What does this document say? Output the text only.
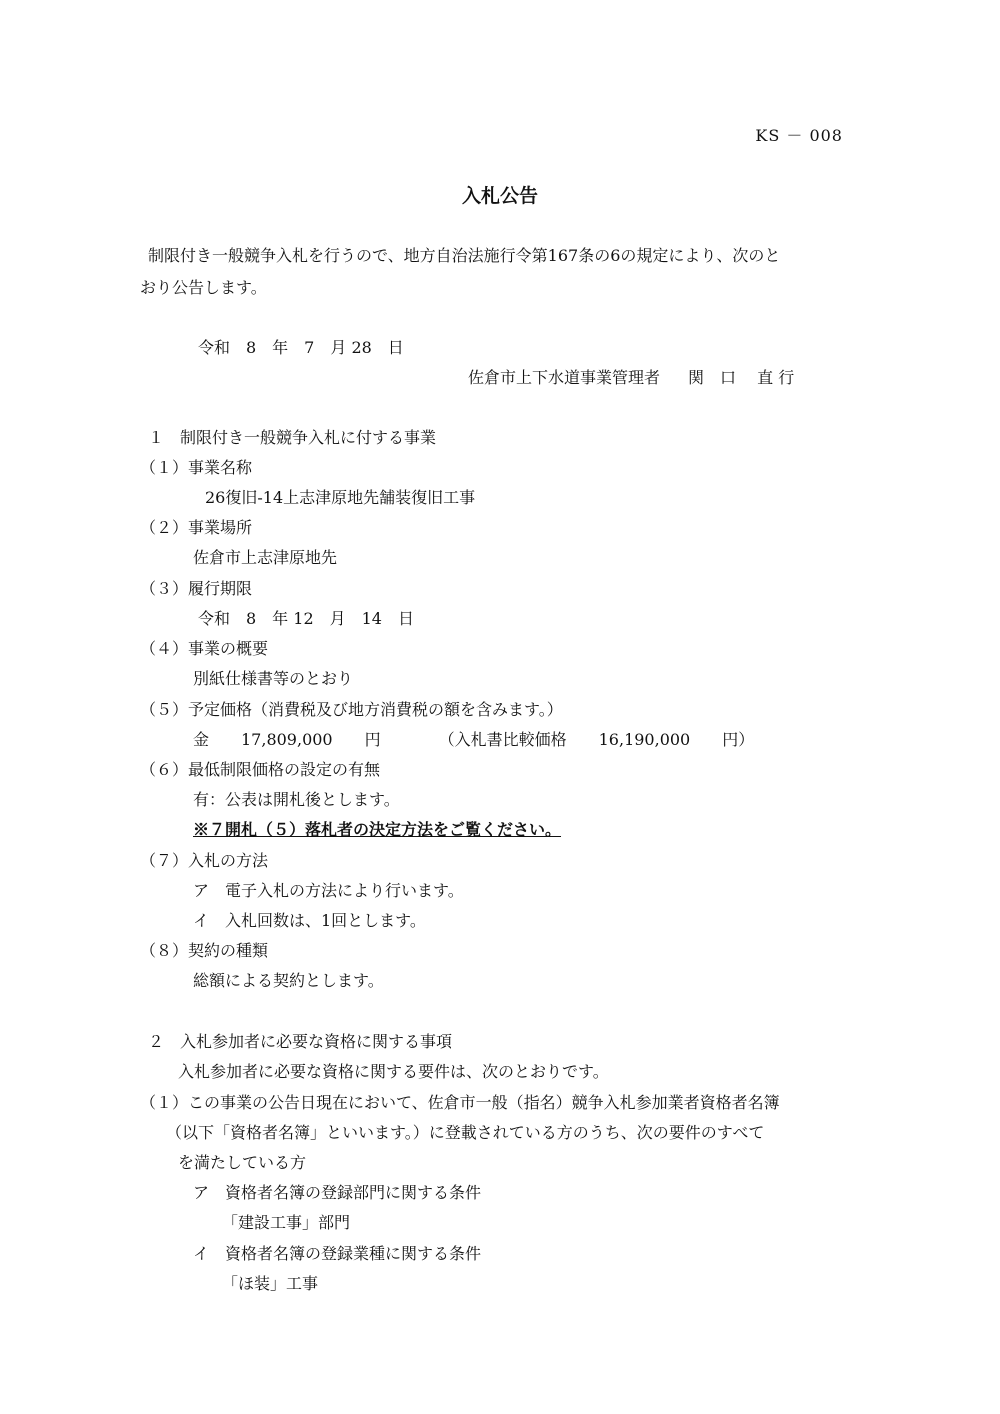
KS － 008
入札公告
制限付き一般競争入札を行うので、地方自治法施行令第167条の6の規定により、次のと
おり公告します。
令和　8　年　7　月 28　日
佐倉市上下水道事業管理者 関　口　 直 行
１　制限付き一般競争入札に付する事業
（１）事業名称
26復旧-14上志津原地先舗装復旧工事
（２）事業場所
佐倉市上志津原地先
（３）履行期限
令和　8　年 12　月　14　日
（４）事業の概要
別紙仕様書等のとおり
（５）予定価格（消費税及び地方消費税の額を含みます。）
金　　17,809,000　　円	（入札書比較価格　　16,190,000　　円）
（６）最低制限価格の設定の有無
有：公表は開札後とします。
※７開札（５）落札者の決定方法をご覧ください。
（７）入札の方法
ア　電子入札の方法により行います。
イ　入札回数は、1回とします。
（８）契約の種類
総額による契約とします。
２　入札参加者に必要な資格に関する事項
入札参加者に必要な資格に関する要件は、次のとおりです。
（１）この事業の公告日現在において、佐倉市一般（指名）競争入札参加業者資格者名簿
（以下「資格者名簿」といいます。）に登載されている方のうち、次の要件のすべて
を満たしている方
ア　資格者名簿の登録部門に関する条件
「建設工事」部門
イ　資格者名簿の登録業種に関する条件
「ほ装」工事
